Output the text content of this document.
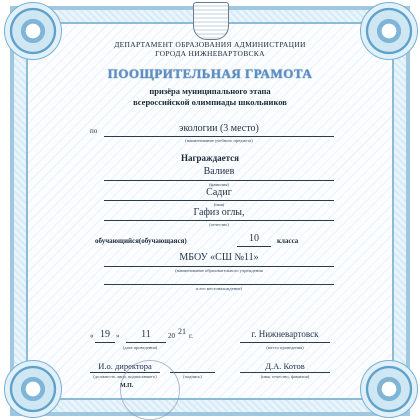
ДЕПАРТАМЕНТ ОБРАЗОВАНИЯ АДМИНИСТРАЦИИ
ГОРОДА НИЖНЕВАРТОВСКА
ПООЩРИТЕЛЬНАЯ ГРАМОТА
призёра муниципального этапа
всероссийской олимпиады школьников
по	экологии (3 место)
(наименование учебного предмета)
Награждается
Валиев
(фамилия)
Садиг
(имя)
Гафиз оглы,
(отчество)
обучающийся(обучающаяся)	10	класса
МБОУ «СШ №11»
(наименование образовательного учреждения
и его местонахождение)
« 19 »	11	20 21 г.
(дата проведения)
г. Нижневартовск
(место проведения)
И.о. директора
(должность лица, подписавшего)	(подпись)
Д.А. Котов
(имя, отчество, фамилия)
М.П.
